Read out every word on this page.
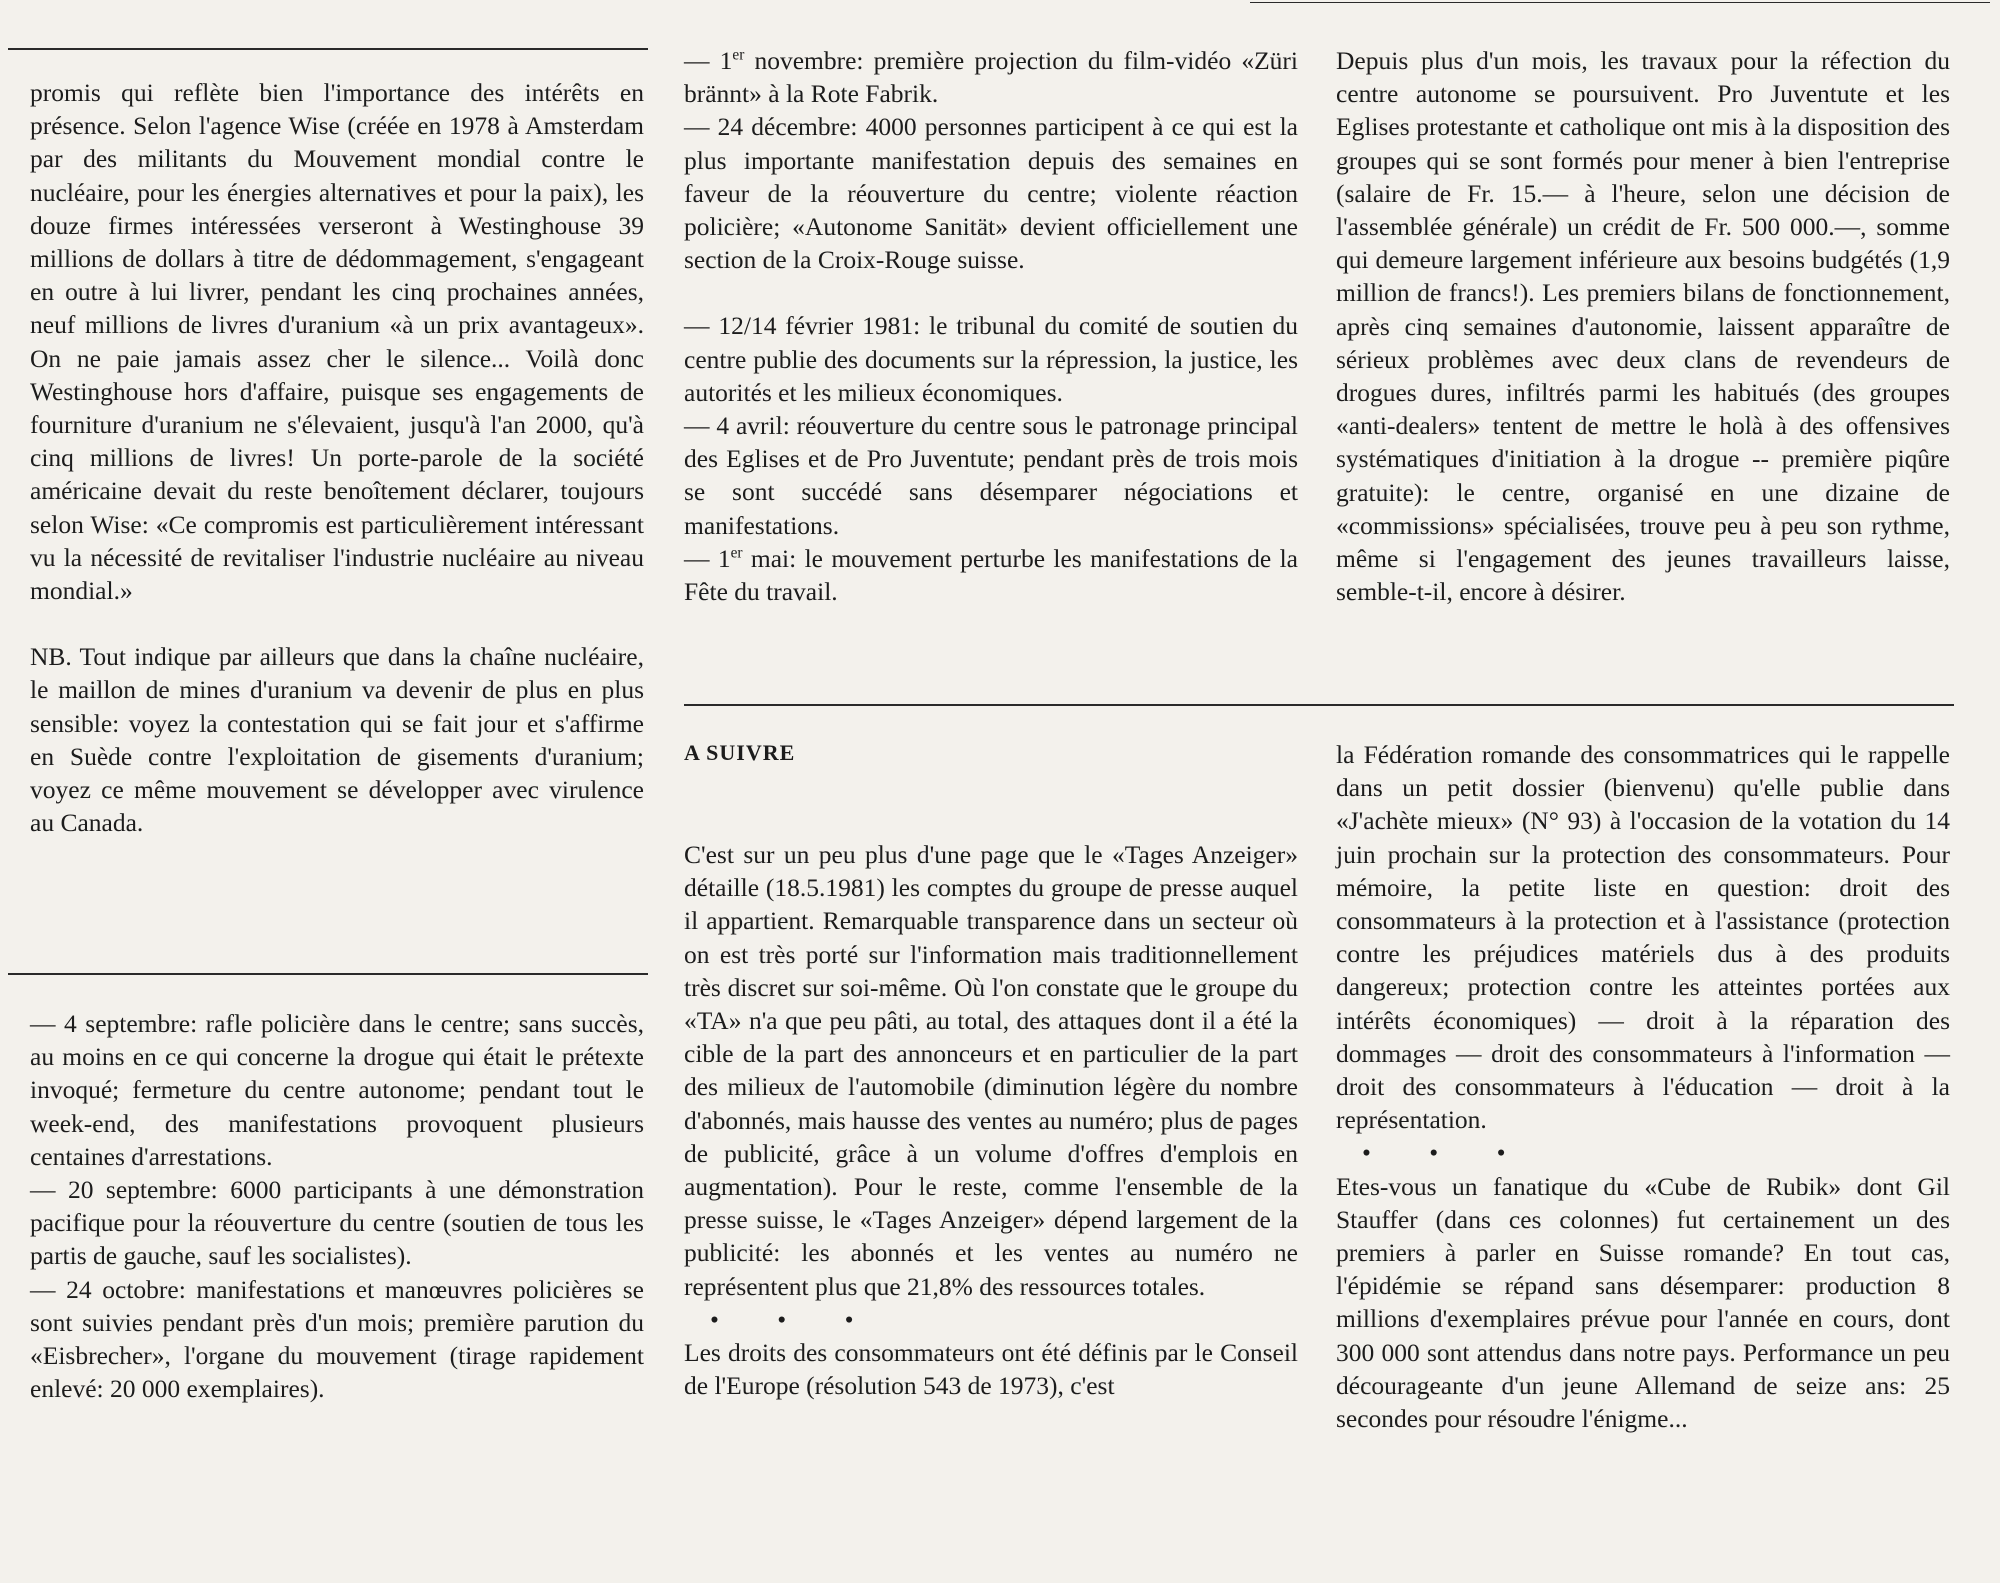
promis qui reflète bien l'importance des intérêts en présence. Selon l'agence Wise (créée en 1978 à Amsterdam par des militants du Mouvement mondial contre le nucléaire, pour les énergies alternatives et pour la paix), les douze firmes intéressées verseront à Westinghouse 39 millions de dollars à titre de dédommagement, s'engageant en outre à lui livrer, pendant les cinq prochaines années, neuf millions de livres d'uranium «à un prix avantageux». On ne paie jamais assez cher le silence... Voilà donc Westinghouse hors d'affaire, puisque ses engagements de fourniture d'uranium ne s'élevaient, jusqu'à l'an 2000, qu'à cinq millions de livres! Un porte-parole de la société américaine devait du reste benoîtement déclarer, toujours selon Wise: «Ce compromis est particulièrement intéressant vu la nécessité de revitaliser l'industrie nucléaire au niveau mondial.»

NB. Tout indique par ailleurs que dans la chaîne nucléaire, le maillon de mines d'uranium va devenir de plus en plus sensible: voyez la contestation qui se fait jour et s'affirme en Suède contre l'exploitation de gisements d'uranium; voyez ce même mouvement se développer avec virulence au Canada.

— 4 septembre: rafle policière dans le centre; sans succès, au moins en ce qui concerne la drogue qui était le prétexte invoqué; fermeture du centre autonome; pendant tout le week-end, des manifestations provoquent plusieurs centaines d'arrestations.

— 20 septembre: 6000 participants à une démonstration pacifique pour la réouverture du centre (soutien de tous les partis de gauche, sauf les socialistes).

— 24 octobre: manifestations et manœuvres policières se sont suivies pendant près d'un mois; première parution du «Eisbrecher», l'organe du mouvement (tirage rapidement enlevé: 20 000 exemplaires).

— 1er novembre: première projection du film-vidéo «Züri brännt» à la Rote Fabrik.

— 24 décembre: 4000 personnes participent à ce qui est la plus importante manifestation depuis des semaines en faveur de la réouverture du centre; violente réaction policière; «Autonome Sanität» devient officiellement une section de la Croix-Rouge suisse.

— 12/14 février 1981: le tribunal du comité de soutien du centre publie des documents sur la répression, la justice, les autorités et les milieux économiques.

— 4 avril: réouverture du centre sous le patronage principal des Eglises et de Pro Juventute; pendant près de trois mois se sont succédé sans désemparer négociations et manifestations.

— 1er mai: le mouvement perturbe les manifestations de la Fête du travail.

Depuis plus d'un mois, les travaux pour la réfection du centre autonome se poursuivent. Pro Juventute et les Eglises protestante et catholique ont mis à la disposition des groupes qui se sont formés pour mener à bien l'entreprise (salaire de Fr. 15.— à l'heure, selon une décision de l'assemblée générale) un crédit de Fr. 500 000.—, somme qui demeure largement inférieure aux besoins budgétés (1,9 million de francs!). Les premiers bilans de fonctionnement, après cinq semaines d'autonomie, laissent apparaître de sérieux problèmes avec deux clans de revendeurs de drogues dures, infiltrés parmi les habitués (des groupes «anti-dealers» tentent de mettre le holà à des offensives systématiques d'initiation à la drogue -- première piqûre gratuite): le centre, organisé en une dizaine de «commissions» spécialisées, trouve peu à peu son rythme, même si l'engagement des jeunes travailleurs laisse, semble-t-il, encore à désirer.

A SUIVRE

C'est sur un peu plus d'une page que le «Tages Anzeiger» détaille (18.5.1981) les comptes du groupe de presse auquel il appartient. Remarquable transparence dans un secteur où on est très porté sur l'information mais traditionnellement très discret sur soi-même. Où l'on constate que le groupe du «TA» n'a que peu pâti, au total, des attaques dont il a été la cible de la part des annonceurs et en particulier de la part des milieux de l'automobile (diminution légère du nombre d'abonnés, mais hausse des ventes au numéro; plus de pages de publicité, grâce à un volume d'offres d'emplois en augmentation). Pour le reste, comme l'ensemble de la presse suisse, le «Tages Anzeiger» dépend largement de la publicité: les abonnés et les ventes au numéro ne représentent plus que 21,8% des ressources totales.

• • •

Les droits des consommateurs ont été définis par le Conseil de l'Europe (résolution 543 de 1973), c'est

la Fédération romande des consommatrices qui le rappelle dans un petit dossier (bienvenu) qu'elle publie dans «J'achète mieux» (N° 93) à l'occasion de la votation du 14 juin prochain sur la protection des consommateurs. Pour mémoire, la petite liste en question: droit des consommateurs à la protection et à l'assistance (protection contre les préjudices matériels dus à des produits dangereux; protection contre les atteintes portées aux intérêts économiques) — droit à la réparation des dommages — droit des consommateurs à l'information — droit des consommateurs à l'éducation — droit à la représentation.

• • •

Etes-vous un fanatique du «Cube de Rubik» dont Gil Stauffer (dans ces colonnes) fut certainement un des premiers à parler en Suisse romande? En tout cas, l'épidémie se répand sans désemparer: production 8 millions d'exemplaires prévue pour l'année en cours, dont 300 000 sont attendus dans notre pays. Performance un peu décourageante d'un jeune Allemand de seize ans: 25 secondes pour résoudre l'énigme...
